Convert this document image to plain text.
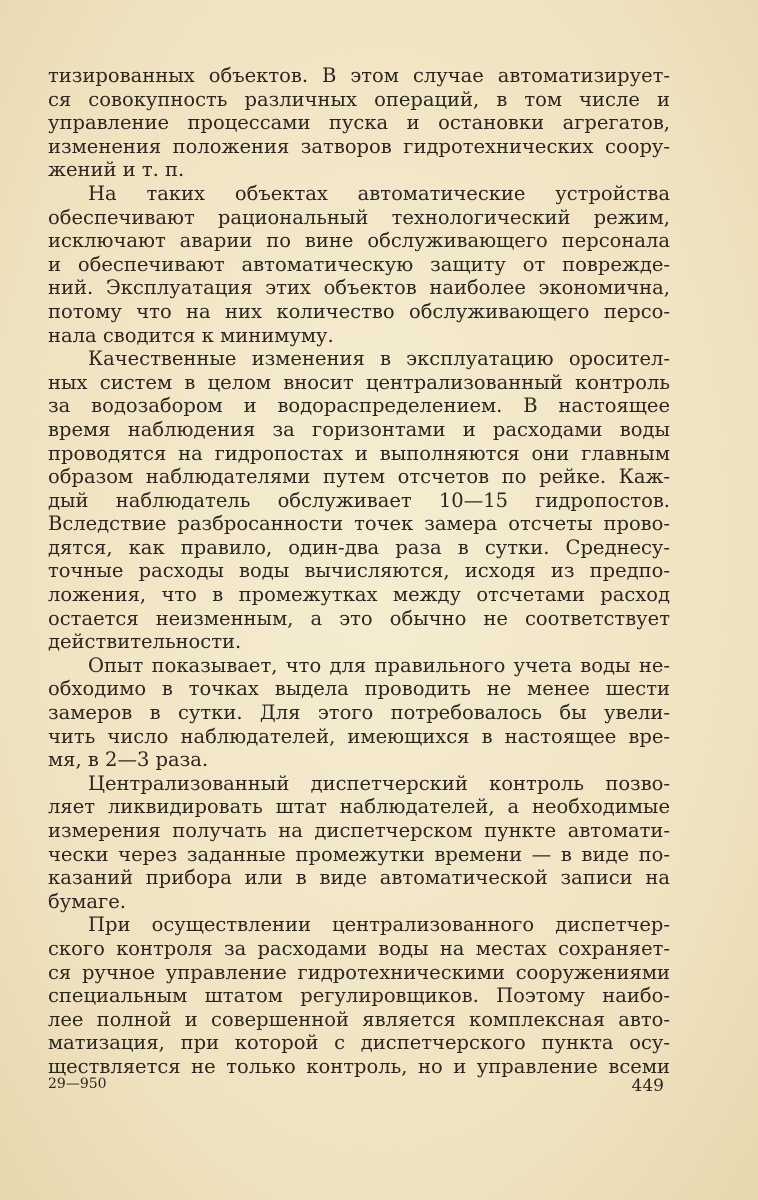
тизированных объектов. В этом случае автоматизирует-
ся совокупность различных операций, в том числе и
управление процессами пуска и остановки агрегатов,
изменения положения затворов гидротехнических соору-
жений и т. п.

На таких объектах автоматические устройства
обеспечивают рациональный технологический режим,
исключают аварии по вине обслуживающего персонала
и обеспечивают автоматическую защиту от поврежде-
ний. Эксплуатация этих объектов наиболее экономична,
потому что на них количество обслуживающего персо-
нала сводится к минимуму.

Качественные изменения в эксплуатацию оросител-
ных систем в целом вносит централизованный контроль
за водозабором и водораспределением. В настоящее
время наблюдения за горизонтами и расходами воды
проводятся на гидропостах и выполняются они главным
образом наблюдателями путем отсчетов по рейке. Каж-
дый наблюдатель обслуживает 10—15 гидропостов.
Вследствие разбросанности точек замера отсчеты прово-
дятся, как правило, один-два раза в сутки. Среднесу-
точные расходы воды вычисляются, исходя из предпо-
ложения, что в промежутках между отсчетами расход
остается неизменным, а это обычно не соответствует
действительности.

Опыт показывает, что для правильного учета воды не-
обходимо в точках выдела проводить не менее шести
замеров в сутки. Для этого потребовалось бы увели-
чить число наблюдателей, имеющихся в настоящее вре-
мя, в 2—3 раза.

Централизованный диспетчерский контроль позво-
ляет ликвидировать штат наблюдателей, а необходимые
измерения получать на диспетчерском пункте автомати-
чески через заданные промежутки времени — в виде по-
казаний прибора или в виде автоматической записи на
бумаге.

При осуществлении централизованного диспетчер-
ского контроля за расходами воды на местах сохраняет-
ся ручное управление гидротехническими сооружениями
специальным штатом регулировщиков. Поэтому наибо-
лее полной и совершенной является комплексная авто-
матизация, при которой с диспетчерского пункта осу-
ществляется не только контроль, но и управление всеми

29—950	449
